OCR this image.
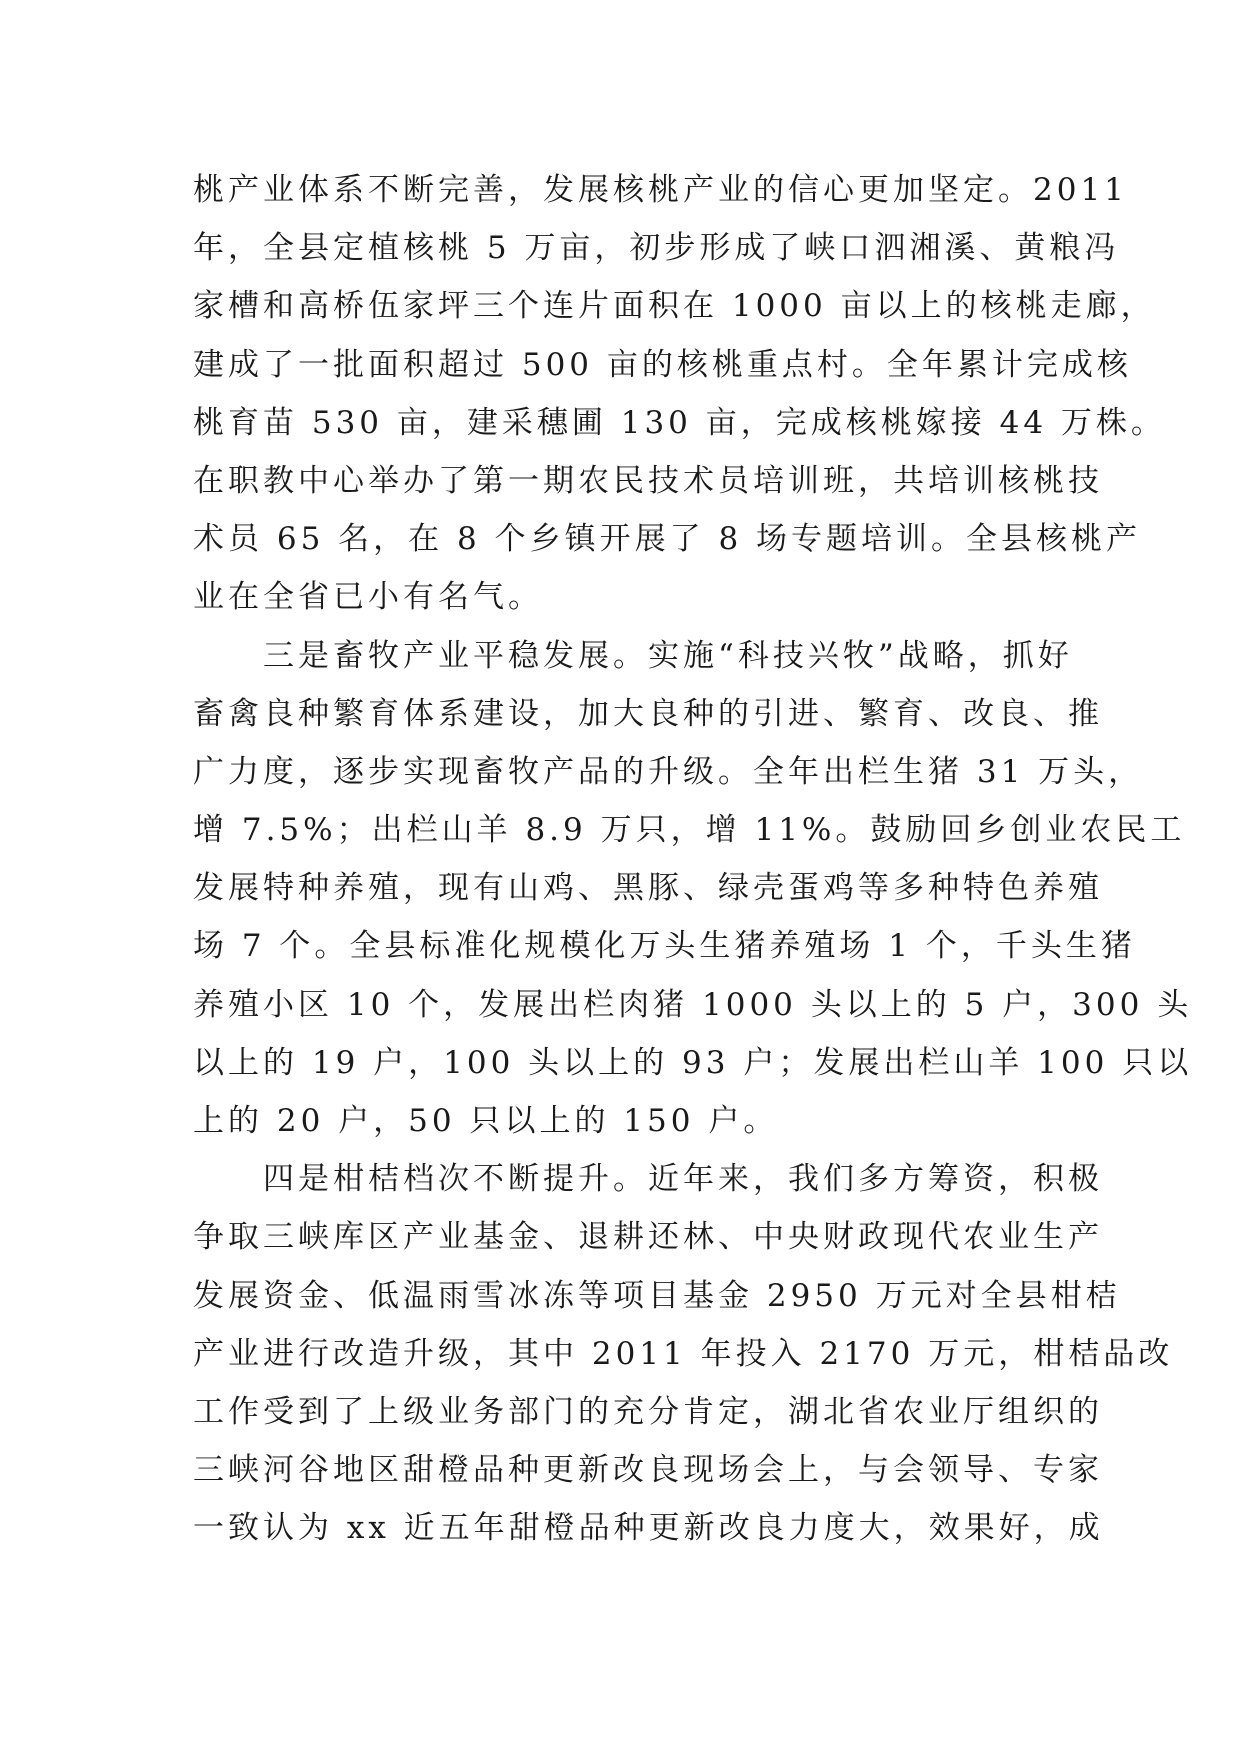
桃产业体系不断完善，发展核桃产业的信心更加坚定。2011
年，全县定植核桃 5 万亩，初步形成了峡口泗湘溪、黄粮冯
家槽和高桥伍家坪三个连片面积在 1000 亩以上的核桃走廊，
建成了一批面积超过 500 亩的核桃重点村。全年累计完成核
桃育苗 530 亩，建采穗圃 130 亩，完成核桃嫁接 44 万株。
在职教中心举办了第一期农民技术员培训班，共培训核桃技
术员 65 名，在 8 个乡镇开展了 8 场专题培训。全县核桃产
业在全省已小有名气。
三是畜牧产业平稳发展。实施“科技兴牧”战略，抓好
畜禽良种繁育体系建设，加大良种的引进、繁育、改良、推
广力度，逐步实现畜牧产品的升级。全年出栏生猪 31 万头，
增 7.5%；出栏山羊 8.9 万只，增 11%。鼓励回乡创业农民工
发展特种养殖，现有山鸡、黑豚、绿壳蛋鸡等多种特色养殖
场 7 个。全县标准化规模化万头生猪养殖场 1 个，千头生猪
养殖小区 10 个，发展出栏肉猪 1000 头以上的 5 户，300 头
以上的 19 户，100 头以上的 93 户；发展出栏山羊 100 只以
上的 20 户，50 只以上的 150 户。
四是柑桔档次不断提升。近年来，我们多方筹资，积极
争取三峡库区产业基金、退耕还林、中央财政现代农业生产
发展资金、低温雨雪冰冻等项目基金 2950 万元对全县柑桔
产业进行改造升级，其中 2011 年投入 2170 万元，柑桔品改
工作受到了上级业务部门的充分肯定，湖北省农业厅组织的
三峡河谷地区甜橙品种更新改良现场会上，与会领导、专家
一致认为 xx 近五年甜橙品种更新改良力度大，效果好，成
